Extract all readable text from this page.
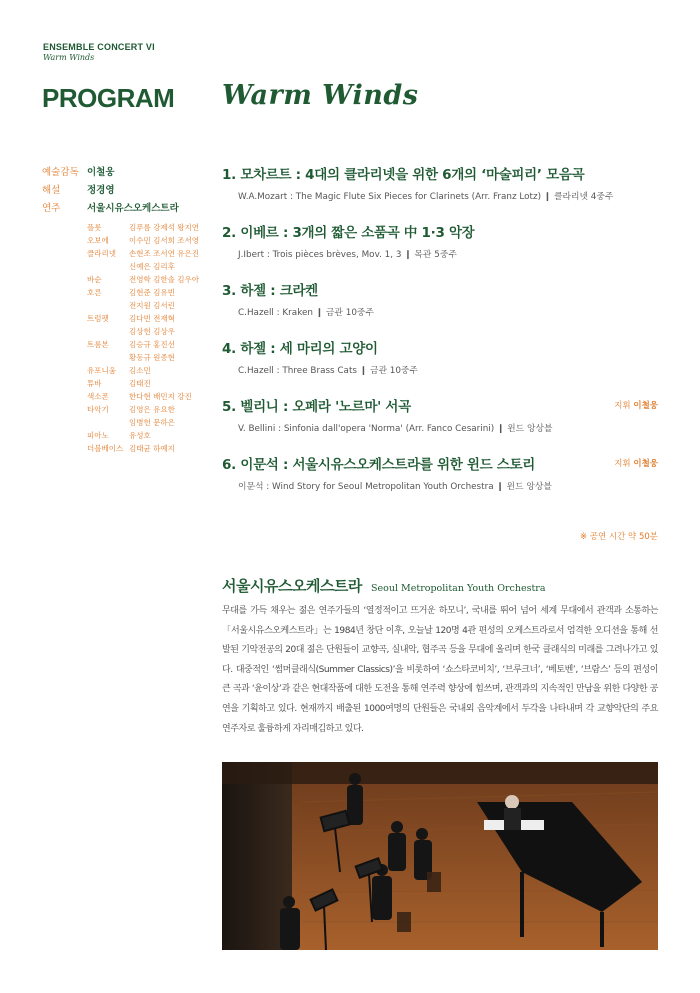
ENSEMBLE CONCERT VI
Warm Winds
PROGRAM Warm Winds
예술감독 이철웅
해설	정경영
연주	서울시유스오케스트라
플룻	김푸름 강제석 왕지연
오보에	이수민 김서희 조서영
클라리넷	손현조 조서연 유은진
신예은 김리후
바순	전영학 김한솔 김우아
호른	김현준 김유빈
전지원 김서린
트럼펫	김다빈 전재혁
김상헌 김상우
트롬본	김승규 홍진선
황동규 원종현
유포니움	김소민
튜바	김태진
색소폰	한다현 배민지 강진
타악기	김영은 유요한
임병헌 문하은
피아노	유성호
더블베이스 김태균 하예지
1. 모차르트 : 4대의 클라리넷을 위한 6개의 ‘마술피리’ 모음곡
W.A.Mozart : The Magic Flute Six Pieces for Clarinets (Arr. Franz Lotz) ❙ 클라리넷 4중주
2. 이베르 : 3개의 짧은 소품곡 中 1·3 악장
J.Ibert : Trois pièces brèves, Mov. 1, 3 ❙ 목관 5중주
3. 하젤 : 크라켄
C.Hazell : Kraken ❙ 금관 10중주
4. 하젤 : 세 마리의 고양이
C.Hazell : Three Brass Cats ❙ 금관 10중주
5. 벨리니 : 오페라 '노르마' 서곡
V. Bellini : Sinfonia dall'opera 'Norma' (Arr. Fanco Cesarini) ❙ 윈드 앙상블
지휘 이철웅
6. 이문석 : 서울시유스오케스트라를 위한 윈드 스토리
이문석 : Wind Story for Seoul Metropolitan Youth Orchestra ❙ 윈드 앙상블
지휘 이철웅
※ 공연 시간 약 50분
서울시유스오케스트라 Seoul Metropolitan Youth Orchestra
무대를 가득 채우는 젊은 연주가들의 ‘열정적이고 뜨거운 하모니’, 국내를 뛰어 넘어 세계 무대에서 관객과 소통하는 「서울시유스오케스트라」는 1984년 창단 이후, 오늘날 120명 4관 편성의 오케스트라로서 엄격한 오디션을 통해 선발된 기악전공의 20대 젊은 단원들이 교향곡, 실내악, 협주곡 등을 무대에 올리며 한국 클래식의 미래를 그려나가고 있다. 대중적인 ‘썸머클래식(Summer Classics)’을 비롯하여 ‘쇼스타코비치’, ‘브루크너’, ‘베토벤’, ‘브람스’ 등의 편성이 큰 곡과 ‘윤이상’과 같은 현대작품에 대한 도전을 통해 연주력 향상에 힘쓰며, 관객과의 지속적인 만남을 위한 다양한 공연을 기획하고 있다. 현재까지 배출된 1000여명의 단원들은 국내외 음악계에서 두각을 나타내며 각 교향악단의 주요 연주자로 훌륭하게 자리매김하고 있다.
